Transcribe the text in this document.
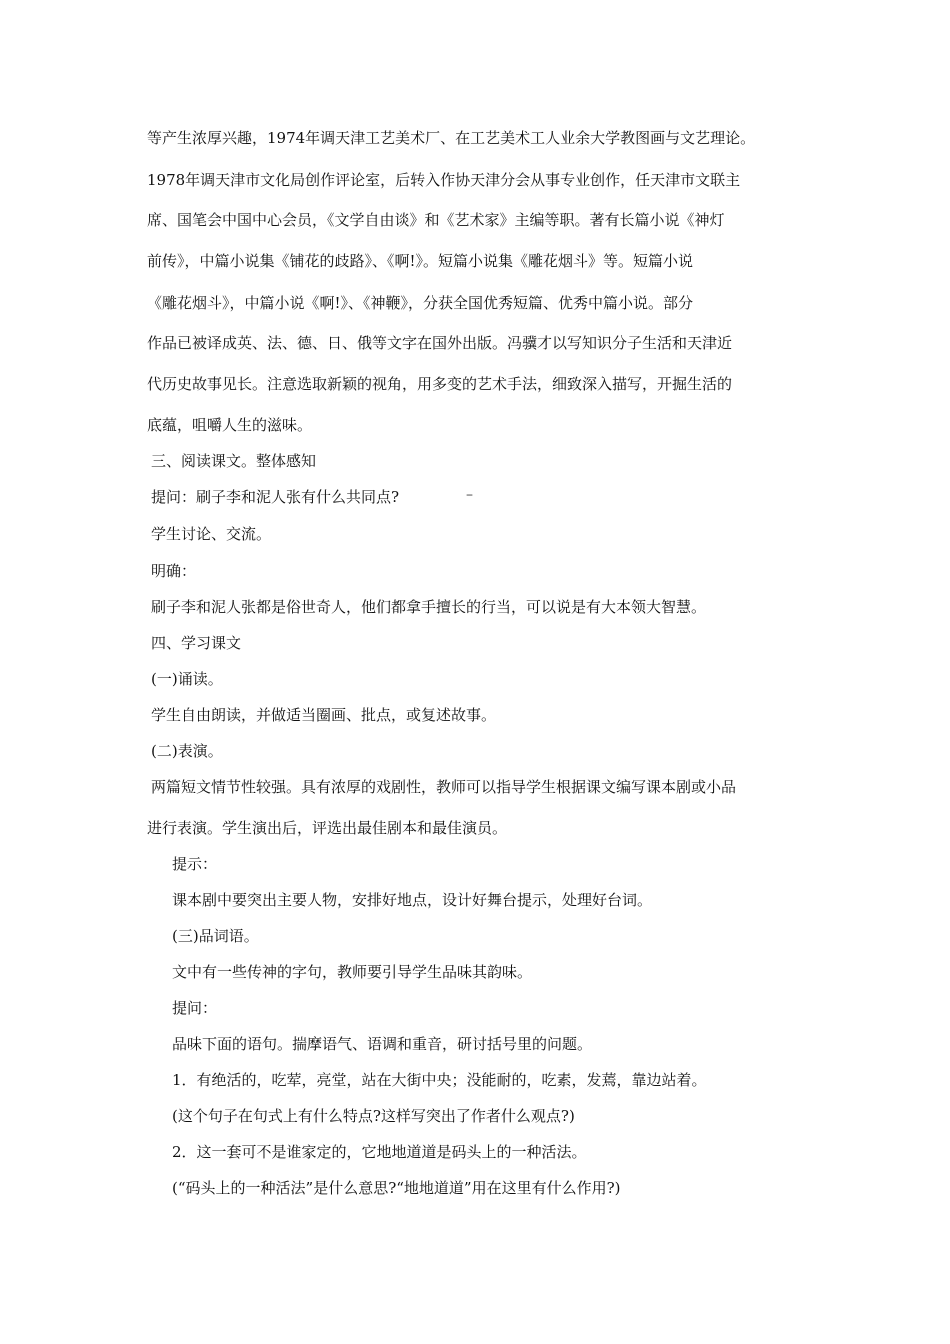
等产生浓厚兴趣，1974年调天津工艺美术厂、在工艺美术工人业余大学教图画与文艺理论。
1978年调天津市文化局创作评论室，后转入作协天津分会从事专业创作，任天津市文联主
席、国笔会中国中心会员，《文学自由谈》和《艺术家》主编等职。著有长篇小说《神灯
前传》，中篇小说集《铺花的歧路》、《啊!》。短篇小说集《雕花烟斗》等。短篇小说
《雕花烟斗》，中篇小说《啊!》、《神鞭》，分获全国优秀短篇、优秀中篇小说。部分
作品已被译成英、法、德、日、俄等文字在国外出版。冯骥才以写知识分子生活和天津近
代历史故事见长。注意选取新颖的视角，用多变的艺术手法，细致深入描写，开掘生活的
底蕴，咀嚼人生的滋味。
三、阅读课文。整体感知
提问：刷子李和泥人张有什么共同点?	–
学生讨论、交流。
明确：
刷子李和泥人张都是俗世奇人，他们都拿手擅长的行当，可以说是有大本领大智慧。
四、学习课文
(一)诵读。
学生自由朗读，并做适当圈画、批点，或复述故事。
(二)表演。
两篇短文情节性较强。具有浓厚的戏剧性，教师可以指导学生根据课文编写课本剧或小品
进行表演。学生演出后，评选出最佳剧本和最佳演员。
提示：
课本剧中要突出主要人物，安排好地点，设计好舞台提示，处理好台词。
(三)品词语。
文中有一些传神的字句，教师要引导学生品味其韵味。
提问：
品味下面的语句。揣摩语气、语调和重音，研讨括号里的问题。
1．有绝活的，吃荤，亮堂，站在大街中央；没能耐的，吃素，发蔫，靠边站着。
(这个句子在句式上有什么特点?这样写突出了作者什么观点?)
2．这一套可不是谁家定的，它地地道道是码头上的一种活法。
(“码头上的一种活法”是什么意思?“地地道道”用在这里有什么作用?)
